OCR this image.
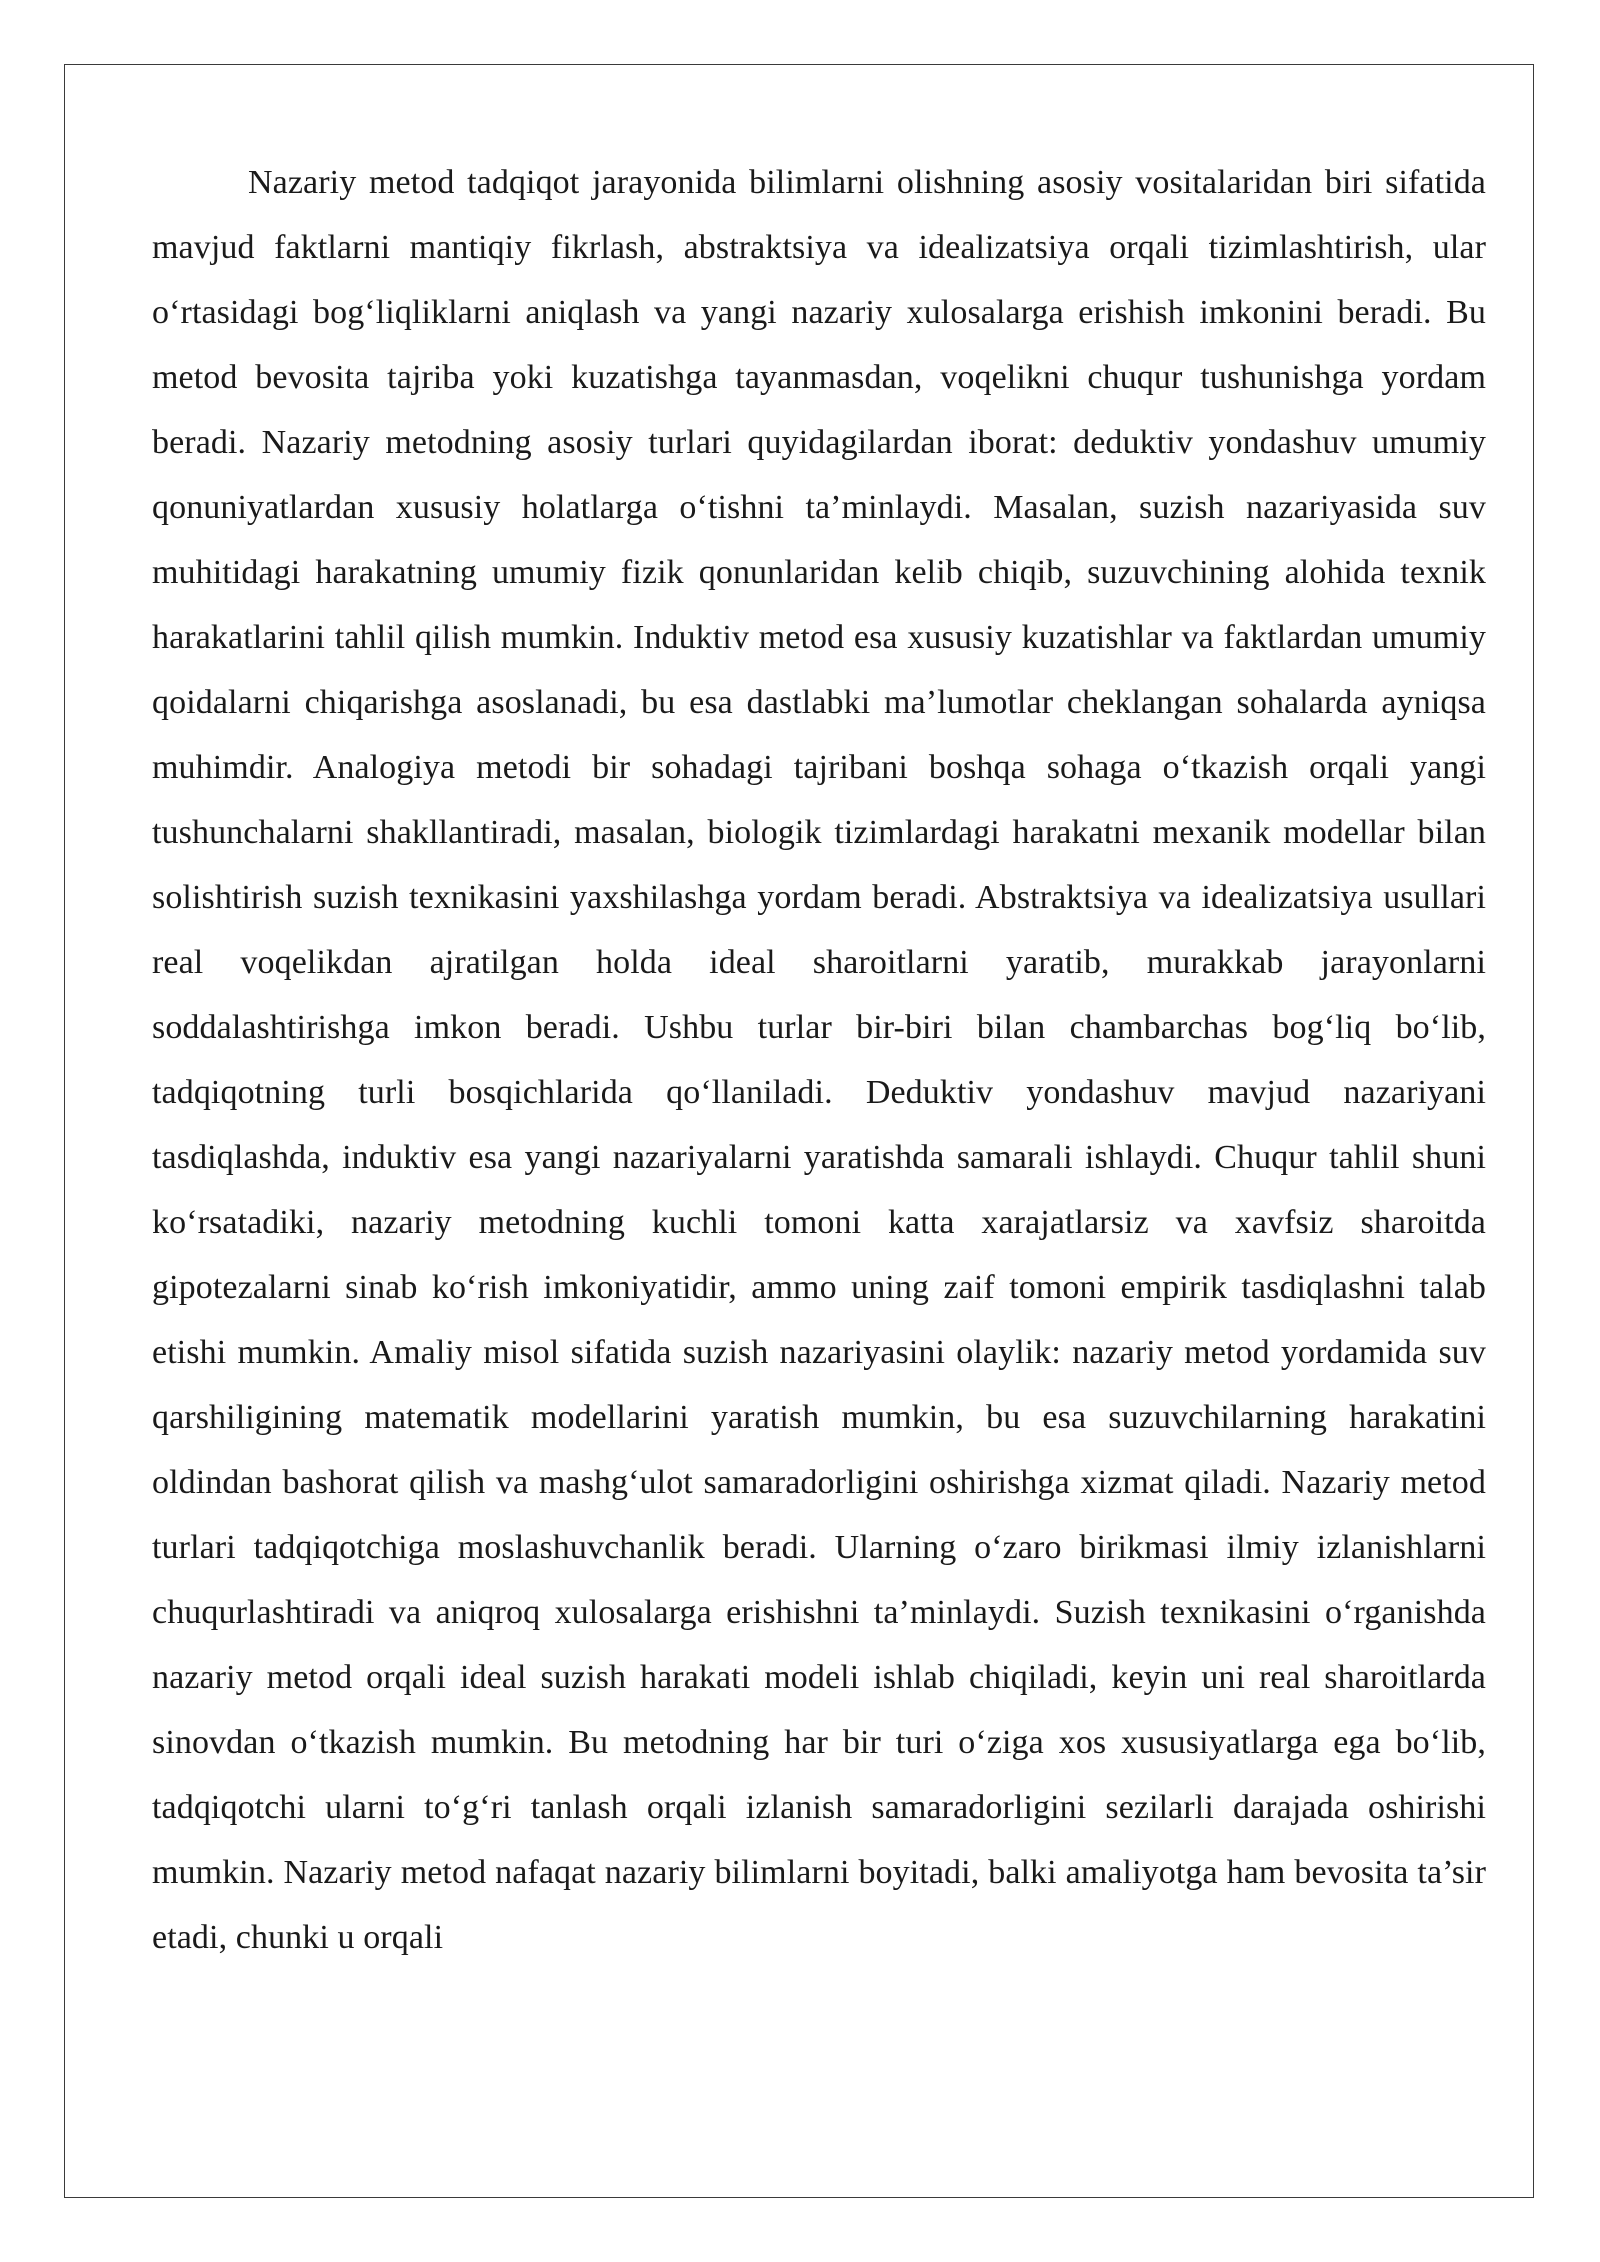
Nazariy metod tadqiqot jarayonida bilimlarni olishning asosiy vositalaridan biri sifatida mavjud faktlarni mantiqiy fikrlash, abstraktsiya va idealizatsiya orqali tizimlashtirish, ular o‘rtasidagi bog‘liqliklarni aniqlash va yangi nazariy xulosalarga erishish imkonini beradi. Bu metod bevosita tajriba yoki kuzatishga tayanmasdan, voqelikni chuqur tushunishga yordam beradi. Nazariy metodning asosiy turlari quyidagilardan iborat: deduktiv yondashuv umumiy qonuniyatlardan xususiy holatlarga o‘tishni ta’minlaydi. Masalan, suzish nazariyasida suv muhitidagi harakatning umumiy fizik qonunlaridan kelib chiqib, suzuvchining alohida texnik harakatlarini tahlil qilish mumkin. Induktiv metod esa xususiy kuzatishlar va faktlardan umumiy qoidalarni chiqarishga asoslanadi, bu esa dastlabki ma’lumotlar cheklangan sohalarda ayniqsa muhimdir. Analogiya metodi bir sohadagi tajribani boshqa sohaga o‘tkazish orqali yangi tushunchalarni shakllantiradi, masalan, biologik tizimlardagi harakatni mexanik modellar bilan solishtirish suzish texnikasini yaxshilashga yordam beradi. Abstraktsiya va idealizatsiya usullari real voqelikdan ajratilgan holda ideal sharoitlarni yaratib, murakkab jarayonlarni soddalashtirishga imkon beradi. Ushbu turlar bir-biri bilan chambarchas bog‘liq bo‘lib, tadqiqotning turli bosqichlarida qo‘llaniladi. Deduktiv yondashuv mavjud nazariyani tasdiqlashda, induktiv esa yangi nazariyalarni yaratishda samarali ishlaydi. Chuqur tahlil shuni ko‘rsatadiki, nazariy metodning kuchli tomoni katta xarajatlarsiz va xavfsiz sharoitda gipotezalarni sinab ko‘rish imkoniyatidir, ammo uning zaif tomoni empirik tasdiqlashni talab etishi mumkin. Amaliy misol sifatida suzish nazariyasini olaylik: nazariy metod yordamida suv qarshiligining matematik modellarini yaratish mumkin, bu esa suzuvchilarning harakatini oldindan bashorat qilish va mashg‘ulot samaradorligini oshirishga xizmat qiladi. Nazariy metod turlari tadqiqotchiga moslashuvchanlik beradi. Ularning o‘zaro birikmasi ilmiy izlanishlarni chuqurlashtiradi va aniqroq xulosalarga erishishni ta’minlaydi. Suzish texnikasini o‘rganishda nazariy metod orqali ideal suzish harakati modeli ishlab chiqiladi, keyin uni real sharoitlarda sinovdan o‘tkazish mumkin. Bu metodning har bir turi o‘ziga xos xususiyatlarga ega bo‘lib, tadqiqotchi ularni to‘g‘ri tanlash orqali izlanish samaradorligini sezilarli darajada oshirishi mumkin. Nazariy metod nafaqat nazariy bilimlarni boyitadi, balki amaliyotga ham bevosita ta’sir etadi, chunki u orqali
